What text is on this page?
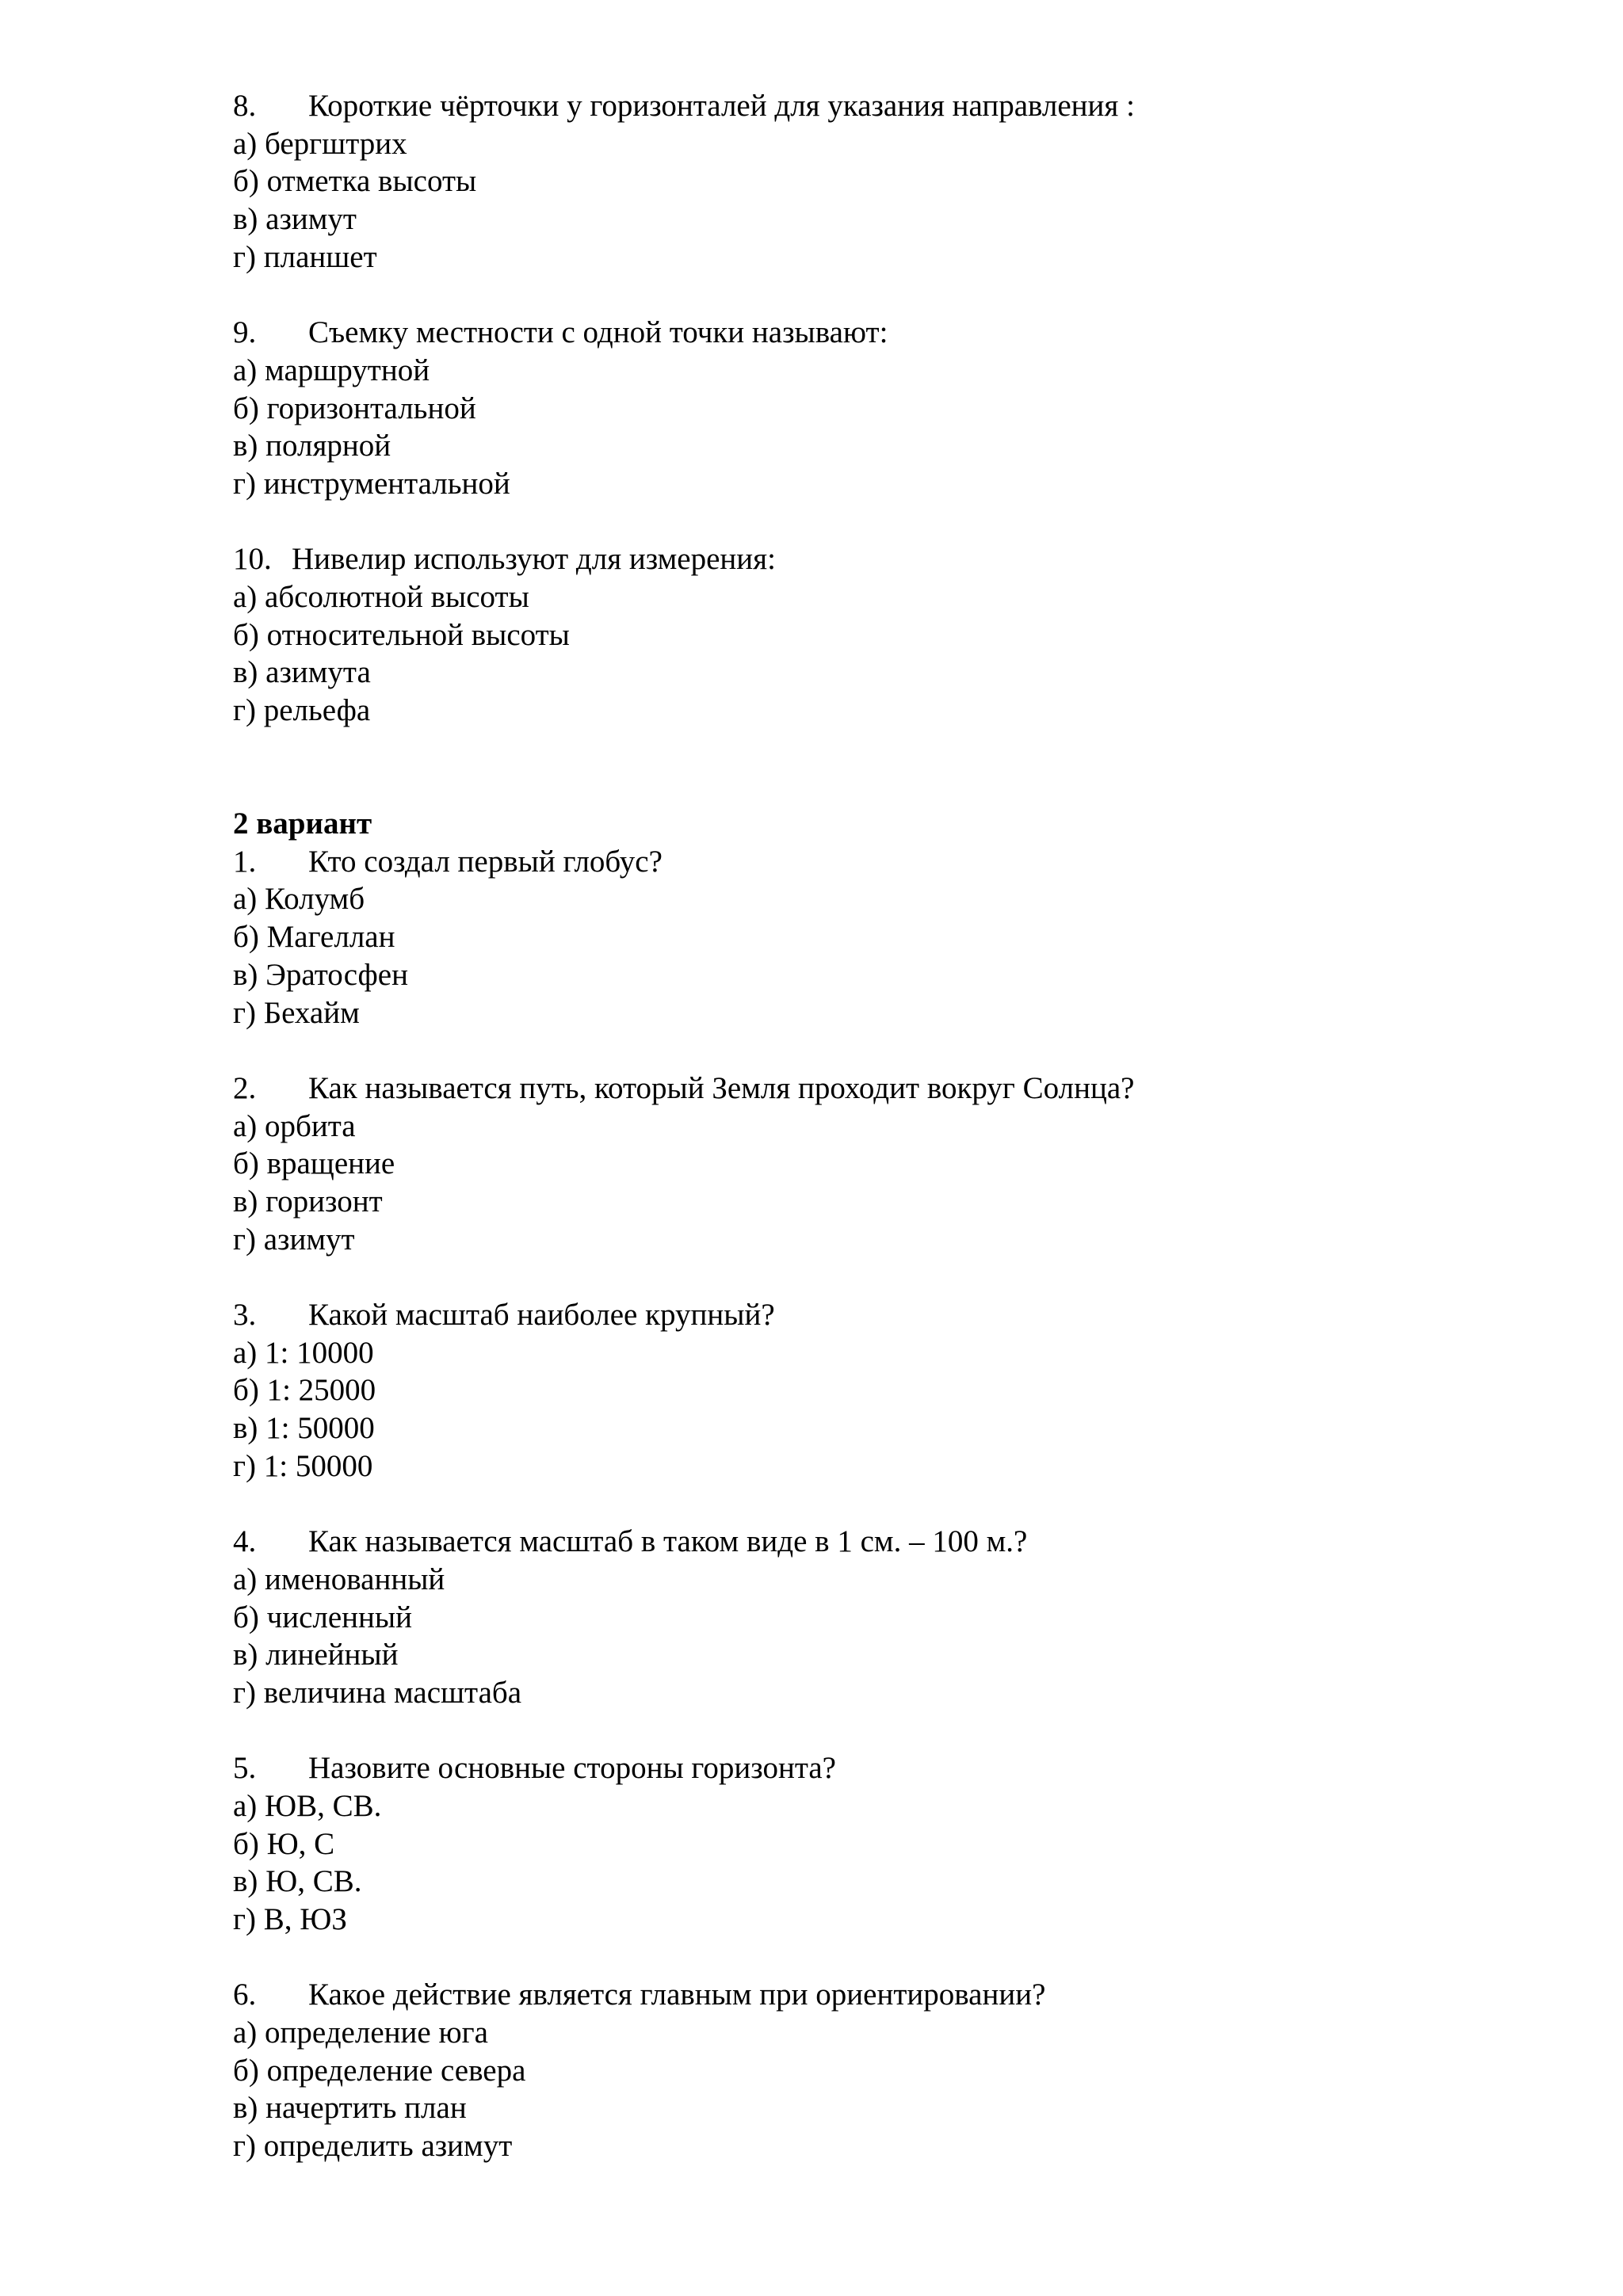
8.	Короткие чёрточки у горизонталей для указания направления :
а) бергштрих
б) отметка высоты
в) азимут
г) планшет
9.	Съемку местности с одной точки называют:
а) маршрутной
б) горизонтальной
в) полярной
г) инструментальной
10. Нивелир используют для измерения:
а) абсолютной высоты
б) относительной высоты
в) азимута
г) рельефа
2 вариант
1.	Кто создал первый глобус?
а) Колумб
б) Магеллан
в) Эратосфен
г) Бехайм
2.	Как называется путь, который Земля проходит вокруг Солнца?
а) орбита
б) вращение
в) горизонт
г) азимут
3.	Какой масштаб наиболее крупный?
а) 1: 10000
б) 1: 25000
в) 1: 50000
г) 1: 50000
4.	Как называется масштаб в таком виде в 1 см. – 100 м.?
а) именованный
б) численный
в) линейный
г) величина масштаба
5.	Назовите основные стороны горизонта?
а) ЮВ, СВ.
б) Ю, С
в) Ю, СВ.
г) В, ЮЗ
6.	Какое действие является главным при ориентировании?
а) определение юга
б) определение севера
в) начертить план
г) определить азимут
